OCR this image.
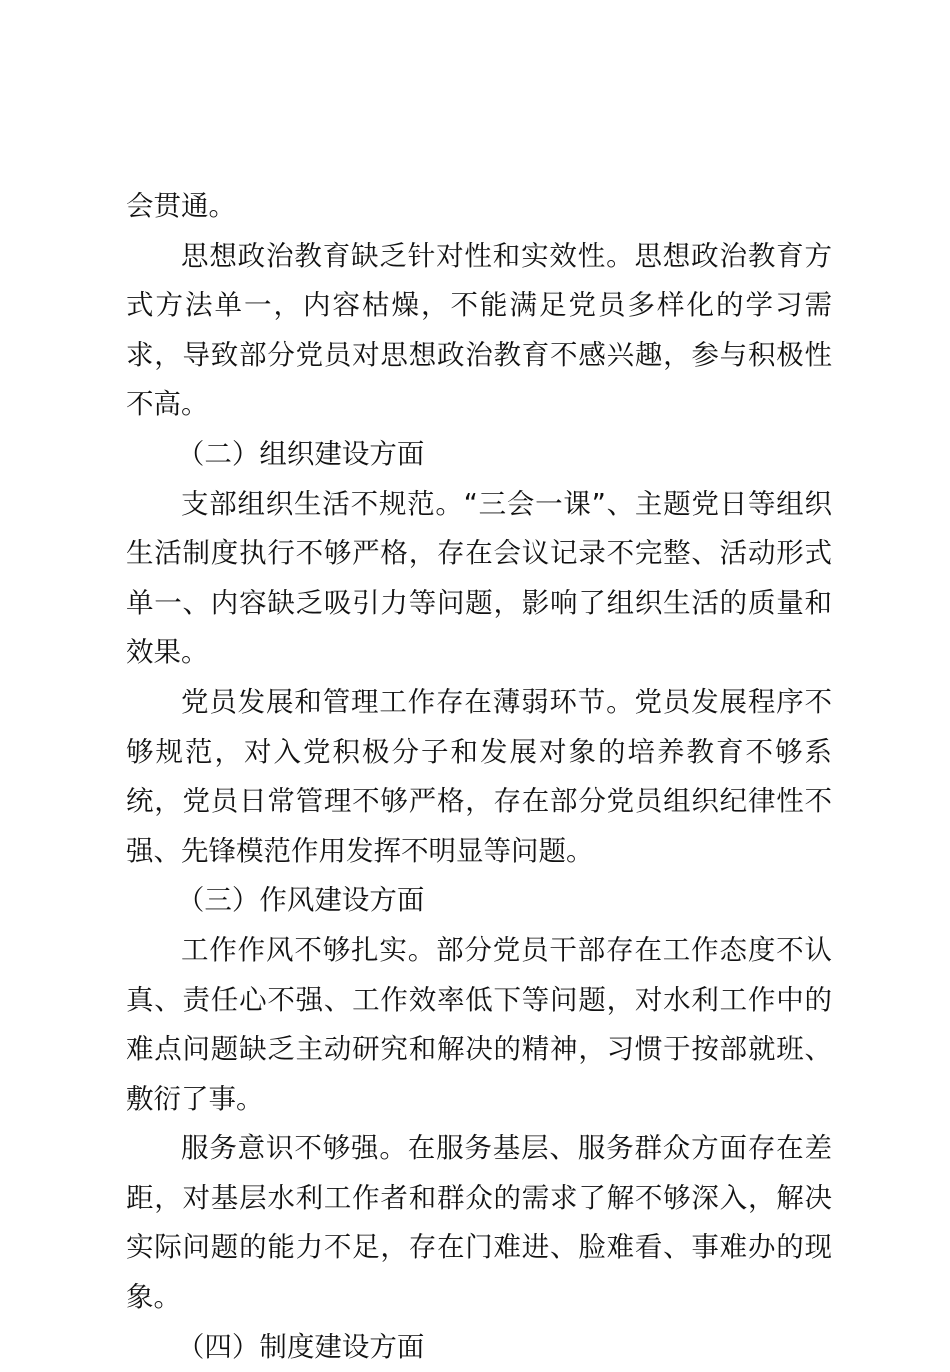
会贯通。

思想政治教育缺乏针对性和实效性。思想政治教育方式方法单一，内容枯燥，不能满足党员多样化的学习需求，导致部分党员对思想政治教育不感兴趣，参与积极性不高。

（二）组织建设方面

支部组织生活不规范。“三会一课”、主题党日等组织生活制度执行不够严格，存在会议记录不完整、活动形式单一、内容缺乏吸引力等问题，影响了组织生活的质量和效果。

党员发展和管理工作存在薄弱环节。党员发展程序不够规范，对入党积极分子和发展对象的培养教育不够系统，党员日常管理不够严格，存在部分党员组织纪律性不强、先锋模范作用发挥不明显等问题。

（三）作风建设方面

工作作风不够扎实。部分党员干部存在工作态度不认真、责任心不强、工作效率低下等问题，对水利工作中的难点问题缺乏主动研究和解决的精神，习惯于按部就班、敷衍了事。

服务意识不够强。在服务基层、服务群众方面存在差距，对基层水利工作者和群众的需求了解不够深入，解决实际问题的能力不足，存在门难进、脸难看、事难办的现象。

（四）制度建设方面
